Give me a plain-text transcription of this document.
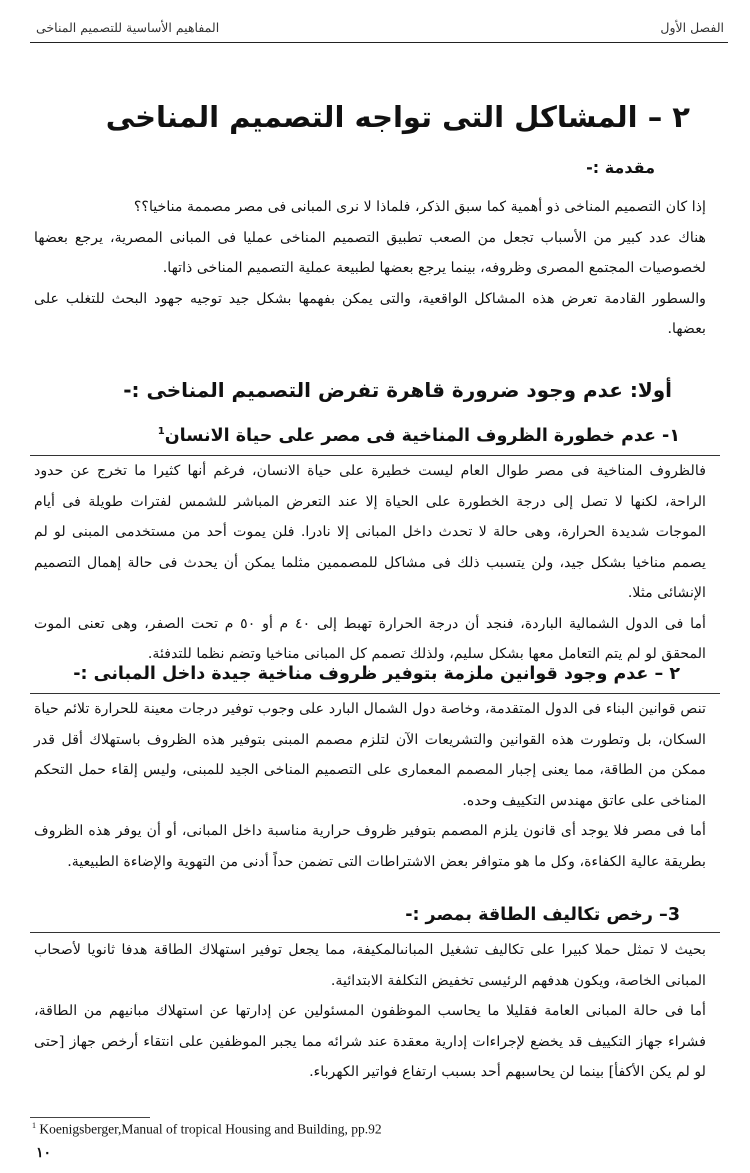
الفصل الأول
المفاهيم الأساسية للتصميم المناخى
٢ – المشاكل التى تواجه التصميم المناخى
مقدمة :-

إذا كان التصميم المناخى ذو أهمية كما سبق الذكر، فلماذا لا نرى المبانى فى مصر مصممة مناخيا؟؟

هناك عدد كبير من الأسباب تجعل من الصعب تطبيق التصميم المناخى عمليا فى المبانى المصرية، يرجع بعضها لخصوصيات المجتمع المصرى وظروفه، بينما يرجع بعضها لطبيعة عملية التصميم المناخى ذاتها.

والسطور القادمة تعرض هذه المشاكل الواقعية، والتى يمكن بفهمها بشكل جيد توجيه جهود البحث للتغلب على بعضها.

أولا: عدم وجود ضرورة قاهرة تفرض التصميم المناخى :-
١- عدم خطورة الظروف المناخية فى مصر على حياة الانسان$^1$

فالظروف المناخية فى مصر طوال العام ليست خطيرة على حياة الانسان، فرغم أنها كثيرا ما تخرج عن حدود الراحة، لكنها لا تصل إلى درجة الخطورة على الحياة إلا عند التعرض المباشر للشمس لفترات طويلة فى أيام الموجات شديدة الحرارة، وهى حالة لا تحدث داخل المبانى إلا نادرا. فلن يموت أحد من مستخدمى المبنى لو لم يصمم مناخيا بشكل جيد، ولن يتسبب ذلك فى مشاكل للمصممين مثلما يمكن أن يحدث فى حالة إهمال التصميم الإنشائى مثلا.

أما فى الدول الشمالية الباردة، فنجد أن درجة الحرارة تهبط إلى ٤٠ م أو ٥٠ م تحت الصفر، وهى تعنى الموت المحقق لو لم يتم التعامل معها بشكل سليم، ولذلك تصمم كل المبانى مناخيا وتضم نظما للتدفئة.

٢ – عدم وجود قوانين ملزمة بتوفير ظروف مناخية جيدة داخل المبانى :-

تنص قوانين البناء فى الدول المتقدمة، وخاصة دول الشمال البارد على وجوب توفير درجات معينة للحرارة تلائم حياة السكان، بل وتطورت هذه القوانين والتشريعات الآن لتلزم مصمم المبنى بتوفير هذه الظروف باستهلاك أقل قدر ممكن من الطاقة، مما يعنى إجبار المصمم المعمارى على التصميم المناخى الجيد للمبنى، وليس إلقاء حمل التحكم المناخى على عاتق مهندس التكييف وحده.

أما فى مصر فلا يوجد أى قانون يلزم المصمم بتوفير ظروف حرارية مناسبة داخل المبانى، أو أن يوفر هذه الظروف بطريقة عالية الكفاءة، وكل ما هو متوافر بعض الاشتراطات التى تضمن حداً أدنى من التهوية والإضاءة الطبيعية.

3– رخص تكاليف الطاقة بمصر :-

بحيث لا تمثل حملا كبيرا على تكاليف تشغيل المبانىالمكيفة، مما يجعل توفير استهلاك الطاقة هدفا ثانويا لأصحاب المبانى الخاصة، ويكون هدفهم الرئيسى تخفيض التكلفة الابتدائية.

أما فى حالة المبانى العامة فقليلا ما يحاسب الموظفون المسئولين عن إدارتها عن استهلاك مبانيهم من الطاقة، فشراء جهاز التكييف قد يخضع لإجراءات إدارية معقدة عند شرائه مما يجبر الموظفين على انتقاء أرخص جهاز [حتى لو لم يكن الأكفأ] بينما لن يحاسبهم أحد بسبب ارتفاع فواتير الكهرباء.

$^1$ Koenigsberger,Manual of tropical Housing and Building, pp.92
١٠
